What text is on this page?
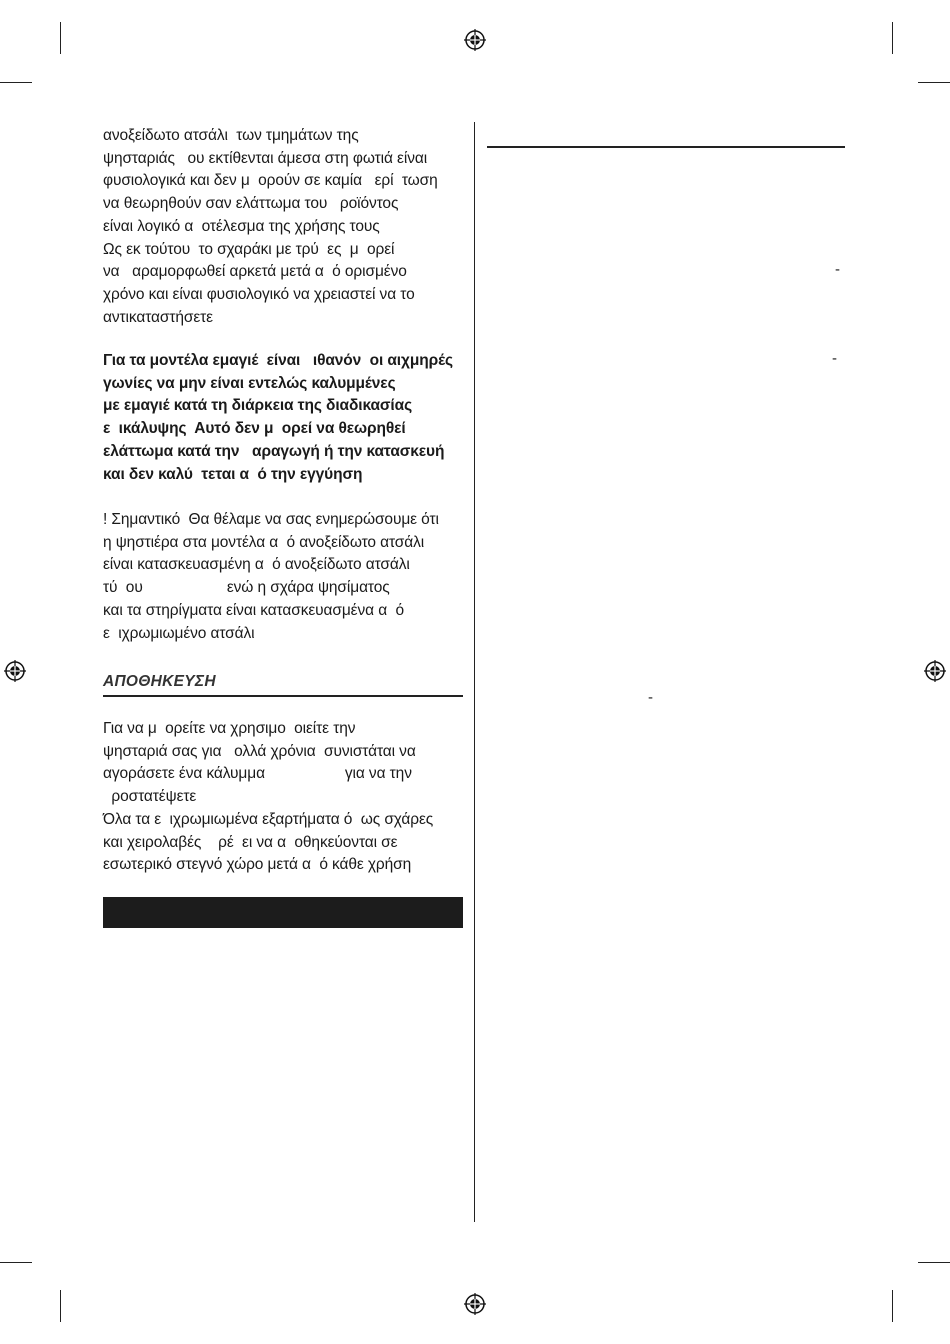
ανοξείδωτο ατσάλι  των τμημάτων της
ψησταριάς   ου εκτίθενται άμεσα στη φωτιά είναι
φυσιολογικά και δεν μ  ορούν σε καμία   ερί  τωση
να θεωρηθούν σαν ελάττωμα του   ροϊόντος
είναι λογικό α  οτέλεσμα της χρήσης τους
Ως εκ τούτου  το σχαράκι με τρύ  ες  μ  ορεί
να   αραμορφωθεί αρκετά μετά α  ό ορισμένο
χρόνο και είναι φυσιολογικό να χρειαστεί να το
αντικαταστήσετε
Για τα μοντέλα εμαγιέ  είναι   ιθανόν  οι αιχμηρές
γωνίες να μην είναι εντελώς καλυμμένες
με εμαγιέ κατά τη διάρκεια της διαδικασίας
ε  ικάλυψης  Αυτό δεν μ  ορεί να θεωρηθεί
ελάττωμα κατά την   αραγωγή ή την κατασκευή
και δεν καλύ  τεται α  ό την εγγύηση
! Σημαντικό  Θα θέλαμε να σας ενημερώσουμε ότι
η ψηστιέρα στα μοντέλα α  ό ανοξείδωτο ατσάλι
είναι κατασκευασμένη α  ό ανοξείδωτο ατσάλι
τύ  ου                    ενώ η σχάρα ψησίματος
και τα στηρίγματα είναι κατασκευασμένα α  ό
ε  ιχρωμιωμένο ατσάλι
ΑΠΟΘΗΚΕΥΣΗ
Για να μ  ορείτε να χρησιμο  οιείτε την
ψησταριά σας για   ολλά χρόνια  συνιστάται να
αγοράσετε ένα κάλυμμα                   για να την
ροστατέψετε
Όλα τα ε  ιχρωμιωμένα εξαρτήματα ό  ως σχάρες
και χειρολαβές    ρέ  ει να α  οθηκεύονται σε
εσωτερικό στεγνό χώρο μετά α  ό κάθε χρήση
-
-
-
